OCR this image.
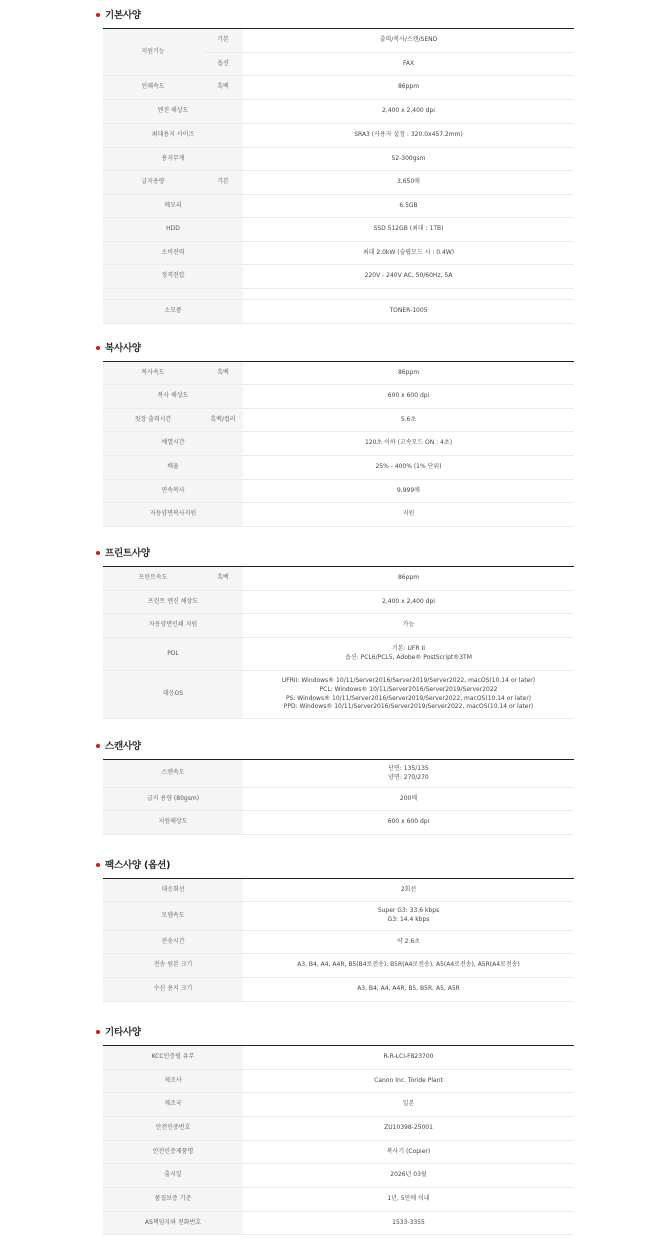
기본사양
지원기능	기본	출력/복사/스캔/SEND

	옵션	FAX

인쇄속도	흑백	86ppm

엔진 해상도		2,400 x 2,400 dpi

최대용지 사이즈		SRA3 (사용자 설정 : 320.0x457.2mm)

용지무게		52-300gsm

급지용량	기본	3,650매

메모리		6.5GB

HDD		SSD 512GB (최대 : 1TB)

소비전력		최대 2.0kW (슬립모드 시 : 0.4W)

정격전압		220V - 240V AC, 50/60Hz, 5A

소모품		TONER-1005
복사사양
복사속도	흑백	86ppm

복사 해상도		600 x 600 dpi

첫장 출력시간	흑백/컬러	5.6초

예열시간		120초 이하 (고속모드 ON : 4초)

배율		25% - 400% (1% 단위)

연속복사		9,999매

자동양면복사지원		지원
프린트사양
프린트속도	흑백	86ppm

프린트 엔진 해상도		2,400 x 2,400 dpi

자동양면인쇄 지원		가능

PDL		기본: UFR II
옵션: PCL6/PCL5, Adobe® PostScript®3TM

대응OS		UFRII: Windows® 10/11/Server2016/Server2019/Server2022, macOS(10.14 or later)
PCL: Windows® 10/11/Server2016/Server2019/Server2022
PS: Windows® 10/11/Server2016/Server2019/Server2022, macOS(10.14 or later)
PPD: Windows® 10/11/Server2016/Server2019/Server2022, macOS(10.14 or later)
스캔사양
스캔속도	단면: 135/135
양면: 270/270

급지 용량 (80gsm)	200매

지원해상도	600 x 600 dpi
팩스사양 (옵션)
대응회선	2회선

모뎀속도	Super G3: 33.6 kbps
G3: 14.4 kbps

전송시간	약 2.6초

전송 원본 크기	A3, B4, A4, A4R, B5(B4로전송), B5R(A4로전송), A5(A4로전송), A5R(A4로전송)

수신 용지 크기	A3, B4, A4, A4R, B5, B5R, A5, A5R
기타사양
KCC인증필 유무	R-R-LCI-F823700

제조사	Canon Inc. Toride Plant

제조국	일본

안전인증번호	ZU10398-25001

안전인증제품명	복사기 (Copier)

출시일	2026년 03월

품질보증 기준	1년, 5만매 이내

AS책임자와 전화번호	1533-3355
